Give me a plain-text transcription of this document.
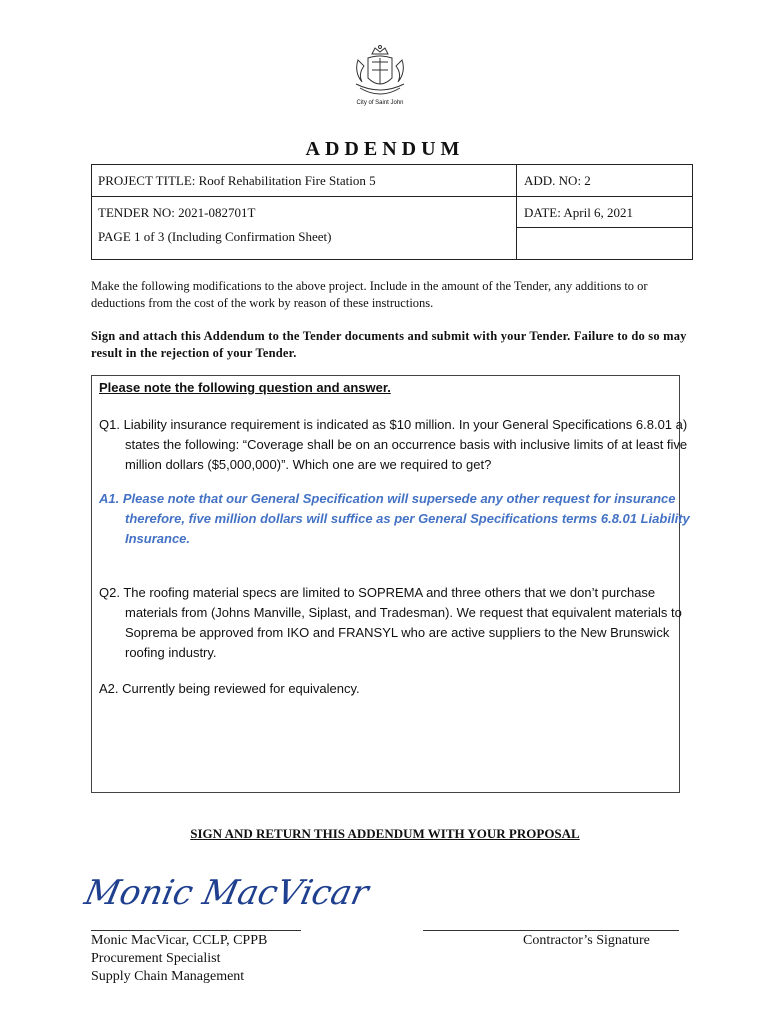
City of Saint John
ADDENDUM
PROJECT TITLE: Roof Rehabilitation Fire Station 5	ADD. NO: 2
TENDER NO: 2021-082701T	DATE: April 6, 2021
PAGE 1 of 3 (Including Confirmation Sheet)
Make the following modifications to the above project. Include in the amount of the Tender, any additions to or deductions from the cost of the work by reason of these instructions.
Sign and attach this Addendum to the Tender documents and submit with your Tender. Failure to do so may result in the rejection of your Tender.
Please note the following question and answer.
Q1. Liability insurance requirement is indicated as $10 million. In your General Specifications 6.8.01 a) states the following: “Coverage shall be on an occurrence basis with inclusive limits of at least five million dollars ($5,000,000)”. Which one are we required to get?
A1. Please note that our General Specification will supersede any other request for insurance therefore, five million dollars will suffice as per General Specifications terms 6.8.01 Liability Insurance.
Q2. The roofing material specs are limited to SOPREMA and three others that we don’t purchase materials from (Johns Manville, Siplast, and Tradesman). We request that equivalent materials to Soprema be approved from IKO and FRANSYL who are active suppliers to the New Brunswick roofing industry.
A2. Currently being reviewed for equivalency.
SIGN AND RETURN THIS ADDENDUM WITH YOUR PROPOSAL
Monic MacVicar
Monic MacVicar, CCLP, CPPB
Procurement Specialist
Supply Chain Management
Contractor’s Signature
